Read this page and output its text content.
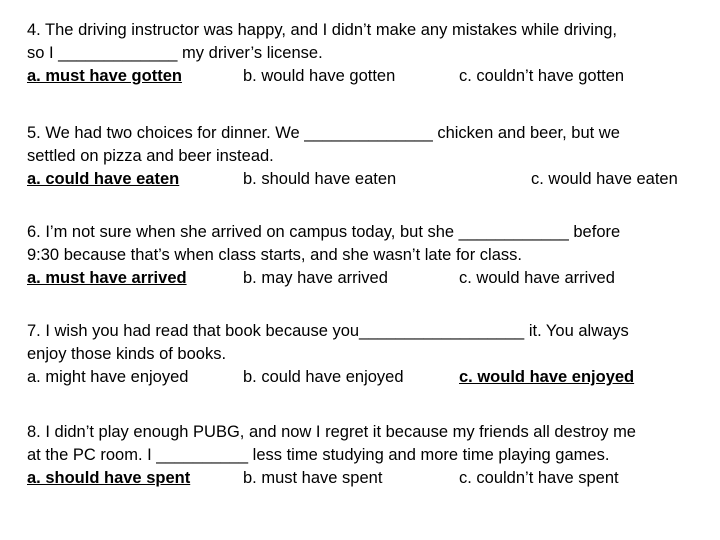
4. The driving instructor was happy, and I didn’t make any mistakes while driving,
so I _____________ my driver’s license.
a. must have gotten	b. would have gotten	c. couldn’t have gotten
5. We had two choices for dinner. We ______________ chicken and beer, but we
settled on pizza and beer instead.
a. could have eaten	b. should have eaten	c. would have eaten
6. I’m not sure when she arrived on campus today, but she ____________ before
9:30 because that’s when class starts, and she wasn’t late for class.
a. must have arrived	b. may have arrived	c. would have arrived
7. I wish you had read that book because you__________________ it. You always
enjoy those kinds of books.
a. might have enjoyed	b. could have enjoyed	c. would have enjoyed
8. I didn’t play enough PUBG, and now I regret it because my friends all destroy me
at the PC room. I __________ less time studying and more time playing games.
a. should have spent	b. must have spent	c. couldn’t have spent
